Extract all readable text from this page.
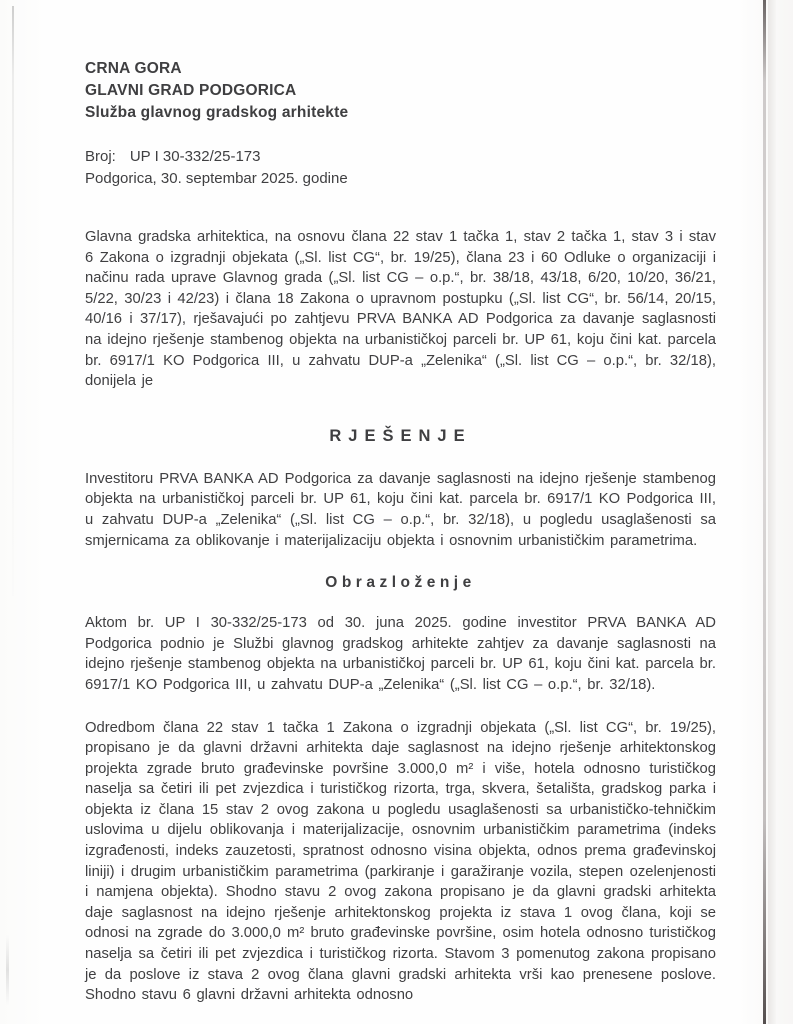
CRNA GORA
GLAVNI GRAD PODGORICA
Služba glavnog gradskog arhitekte
Broj: UP I 30-332/25-173
Podgorica, 30. septembar 2025. godine

Glavna gradska arhitektica, na osnovu člana 22 stav 1 tačka 1, stav 2 tačka 1, stav 3 i stav 6 Zakona o izgradnji objekata („Sl. list CG“, br. 19/25), člana 23 i 60 Odluke o organizaciji i načinu rada uprave Glavnog grada („Sl. list CG – o.p.“, br. 38/18, 43/18, 6/20, 10/20, 36/21, 5/22, 30/23 i 42/23) i člana 18 Zakona o upravnom postupku („Sl. list CG“, br. 56/14, 20/15, 40/16 i 37/17), rješavajući po zahtjevu PRVA BANKA AD Podgorica za davanje saglasnosti na idejno rješenje stambenog objekta na urbanističkoj parceli br. UP 61, koju čini kat. parcela br. 6917/1 KO Podgorica III, u zahvatu DUP-a „Zelenika“ („Sl. list CG – o.p.“, br. 32/18), donijela je

RJEŠENJE

Investitoru PRVA BANKA AD Podgorica za davanje saglasnosti na idejno rješenje stambenog objekta na urbanističkoj parceli br. UP 61, koju čini kat. parcela br. 6917/1 KO Podgorica III, u zahvatu DUP-a „Zelenika“ („Sl. list CG – o.p.“, br. 32/18), u pogledu usaglašenosti sa smjernicama za oblikovanje i materijalizaciju objekta i osnovnim urbanističkim parametrima.

Obrazloženje

Aktom br. UP I 30-332/25-173 od 30. juna 2025. godine investitor PRVA BANKA AD Podgorica podnio je Službi glavnog gradskog arhitekte zahtjev za davanje saglasnosti na idejno rješenje stambenog objekta na urbanističkoj parceli br. UP 61, koju čini kat. parcela br. 6917/1 KO Podgorica III, u zahvatu DUP-a „Zelenika“ („Sl. list CG – o.p.“, br. 32/18).

Odredbom člana 22 stav 1 tačka 1 Zakona o izgradnji objekata („Sl. list CG“, br. 19/25), propisano je da glavni državni arhitekta daje saglasnost na idejno rješenje arhitektonskog projekta zgrade bruto građevinske površine 3.000,0 m² i više, hotela odnosno turističkog naselja sa četiri ili pet zvjezdica i turističkog rizorta, trga, skvera, šetališta, gradskog parka i objekta iz člana 15 stav 2 ovog zakona u pogledu usaglašenosti sa urbanističko-tehničkim uslovima u dijelu oblikovanja i materijalizacije, osnovnim urbanističkim parametrima (indeks izgrađenosti, indeks zauzetosti, spratnost odnosno visina objekta, odnos prema građevinskoj liniji) i drugim urbanističkim parametrima (parkiranje i garažiranje vozila, stepen ozelenjenosti i namjena objekta). Shodno stavu 2 ovog zakona propisano je da glavni gradski arhitekta daje saglasnost na idejno rješenje arhitektonskog projekta iz stava 1 ovog člana, koji se odnosi na zgrade do 3.000,0 m² bruto građevinske površine, osim hotela odnosno turističkog naselja sa četiri ili pet zvjezdica i turističkog rizorta. Stavom 3 pomenutog zakona propisano je da poslove iz stava 2 ovog člana glavni gradski arhitekta vrši kao prenesene poslove. Shodno stavu 6 glavni državni arhitekta odnosno
